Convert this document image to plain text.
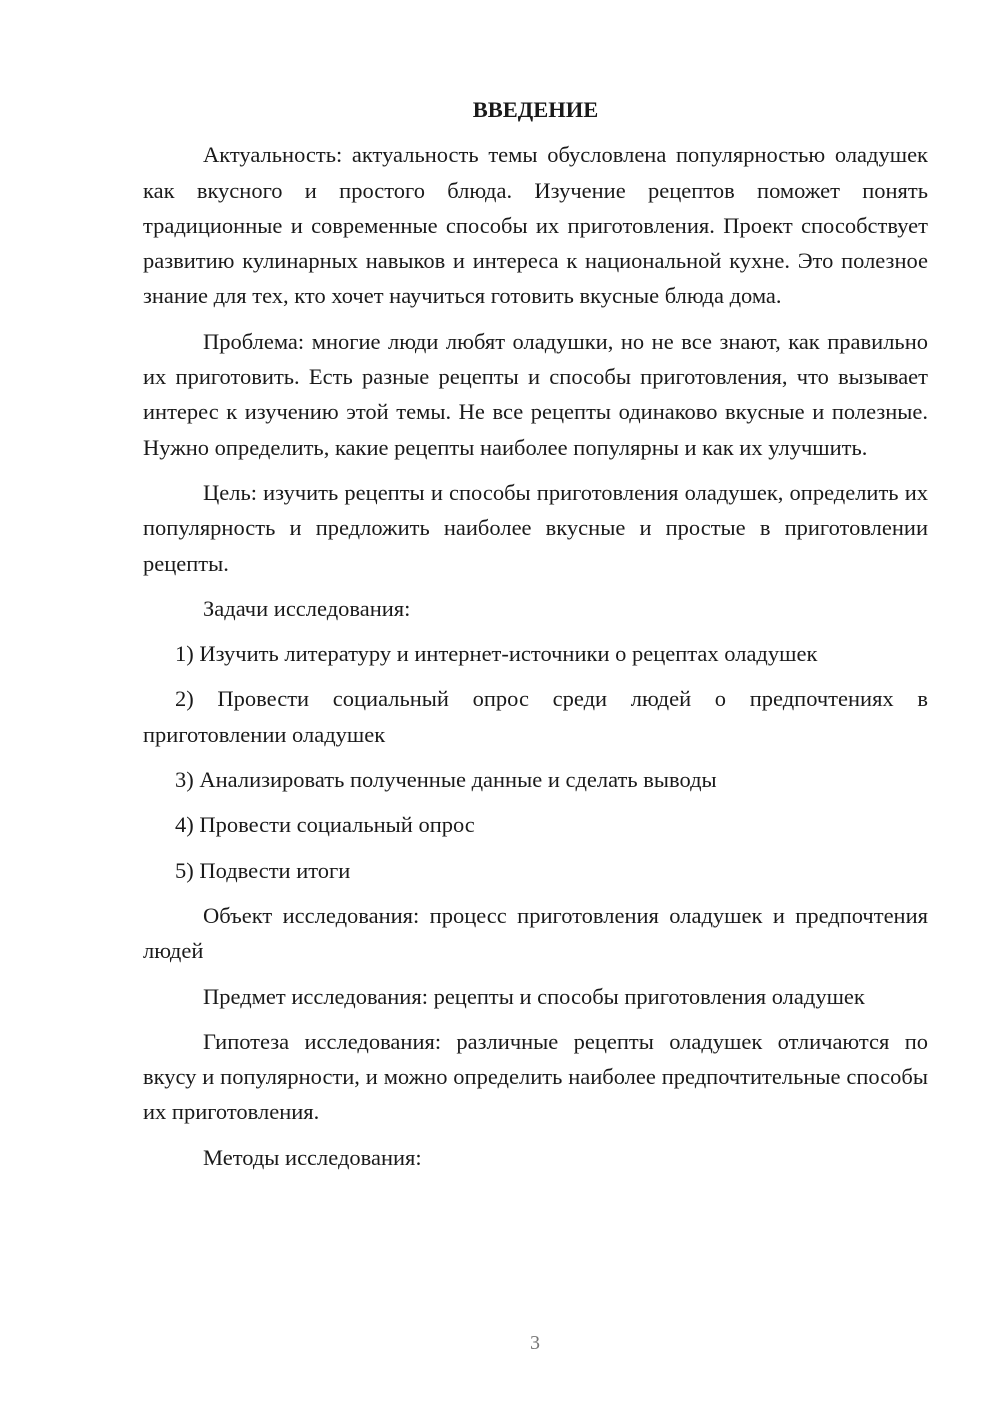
ВВЕДЕНИЕ
Актуальность: актуальность темы обусловлена популярностью оладушек как вкусного и простого блюда. Изучение рецептов поможет понять традиционные и современные способы их приготовления. Проект способствует развитию кулинарных навыков и интереса к национальной кухне. Это полезное знание для тех, кто хочет научиться готовить вкусные блюда дома.
Проблема: многие люди любят оладушки, но не все знают, как правильно их приготовить. Есть разные рецепты и способы приготовления, что вызывает интерес к изучению этой темы. Не все рецепты одинаково вкусные и полезные. Нужно определить, какие рецепты наиболее популярны и как их улучшить.
Цель: изучить рецепты и способы приготовления оладушек, определить их популярность и предложить наиболее вкусные и простые в приготовлении рецепты.
Задачи исследования:
1) Изучить литературу и интернет-источники о рецептах оладушек
2) Провести социальный опрос среди людей о предпочтениях в приготовлении оладушек
3) Анализировать полученные данные и сделать выводы
4) Провести социальный опрос
5) Подвести итоги
Объект исследования: процесс приготовления оладушек и предпочтения людей
Предмет исследования: рецепты и способы приготовления оладушек
Гипотеза исследования: различные рецепты оладушек отличаются по вкусу и популярности, и можно определить наиболее предпочтительные способы их приготовления.
Методы исследования:
3
